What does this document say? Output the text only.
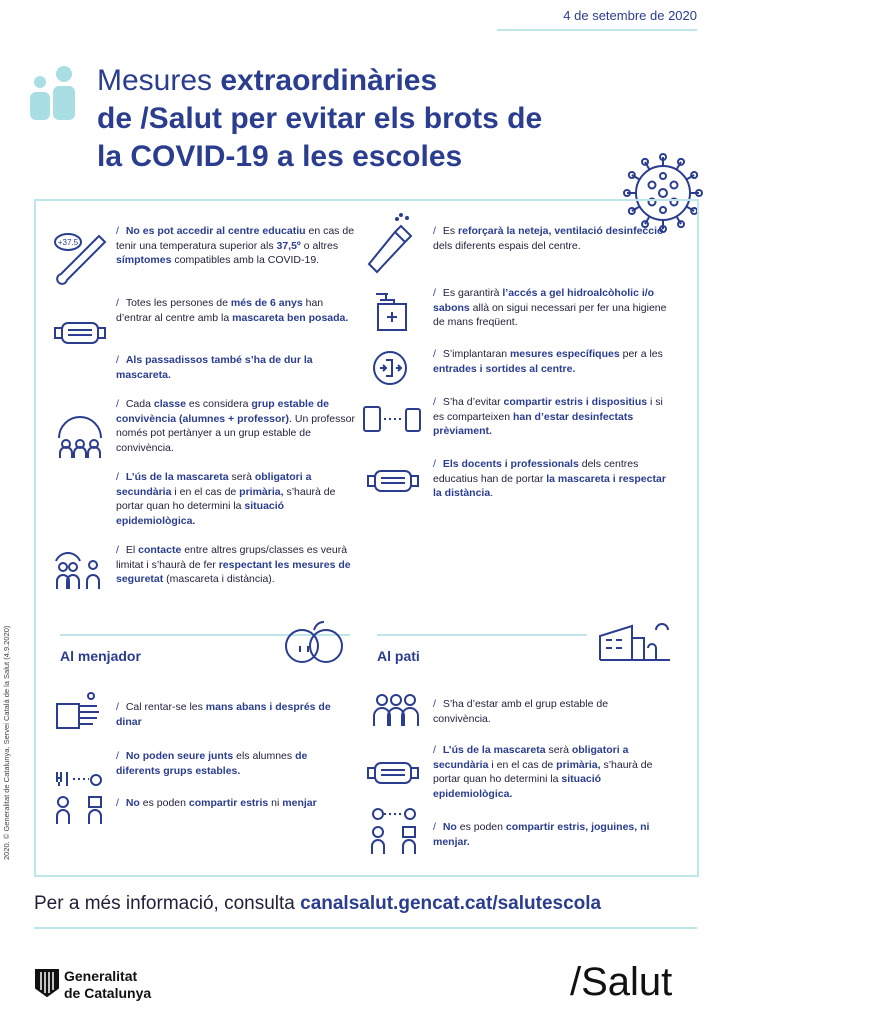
4 de setembre de 2020
Mesures extraordinàries
de /Salut per evitar els brots de
la COVID-19 a les escoles
2020. © Generalitat de Catalunya. Servei Català de la Salut (4.9.2020)
+37.5
/ No es pot accedir al centre educatiu en cas de tenir una temperatura superior als 37,5º o altres símptomes compatibles amb la COVID-19.
/ Totes les persones de més de 6 anys han d’entrar al centre amb la mascareta ben posada.
/ Als passadissos també s’ha de dur la mascareta.
/ Cada classe es considera grup estable de convivència (alumnes + professor). Un professor només pot pertànyer a un grup estable de convivència.
/ L’ús de la mascareta serà obligatori a secundària i en el cas de primària, s’haurà de portar quan ho determini la situació epidemiològica.
/ El contacte entre altres grups/classes es veurà limitat i s’haurà de fer respectant les mesures de seguretat (mascareta i distància).
/ Es reforçarà la neteja, ventilació desinfecció dels diferents espais del centre.
/ Es garantirà l’accés a gel hidroalcòholic i/o sabons allà on sigui necessari per fer una higiene de mans freqüent.
/ S’implantaran mesures específiques per a les entrades i sortides al centre.
/ S’ha d’evitar compartir estris i dispositius i si es comparteixen han d’estar desinfectats prèviament.
/ Els docents i professionals dels centres educatius han de portar la mascareta i respectar la distància.
Al menjador
/ Cal rentar-se les mans abans i després de dinar
/ No poden seure junts els alumnes de diferents grups estables.
/ No es poden compartir estris ni menjar
Al pati
/ S’ha d’estar amb el grup estable de convivència.
/ L’ús de la mascareta serà obligatori a secundària i en el cas de primària, s’haurà de portar quan ho determini la situació epidemiològica.
/ No es poden compartir estris, joguines, ni menjar.
Per a més informació, consulta canalsalut.gencat.cat/salutescola
Generalitat
de Catalunya	/Salut
